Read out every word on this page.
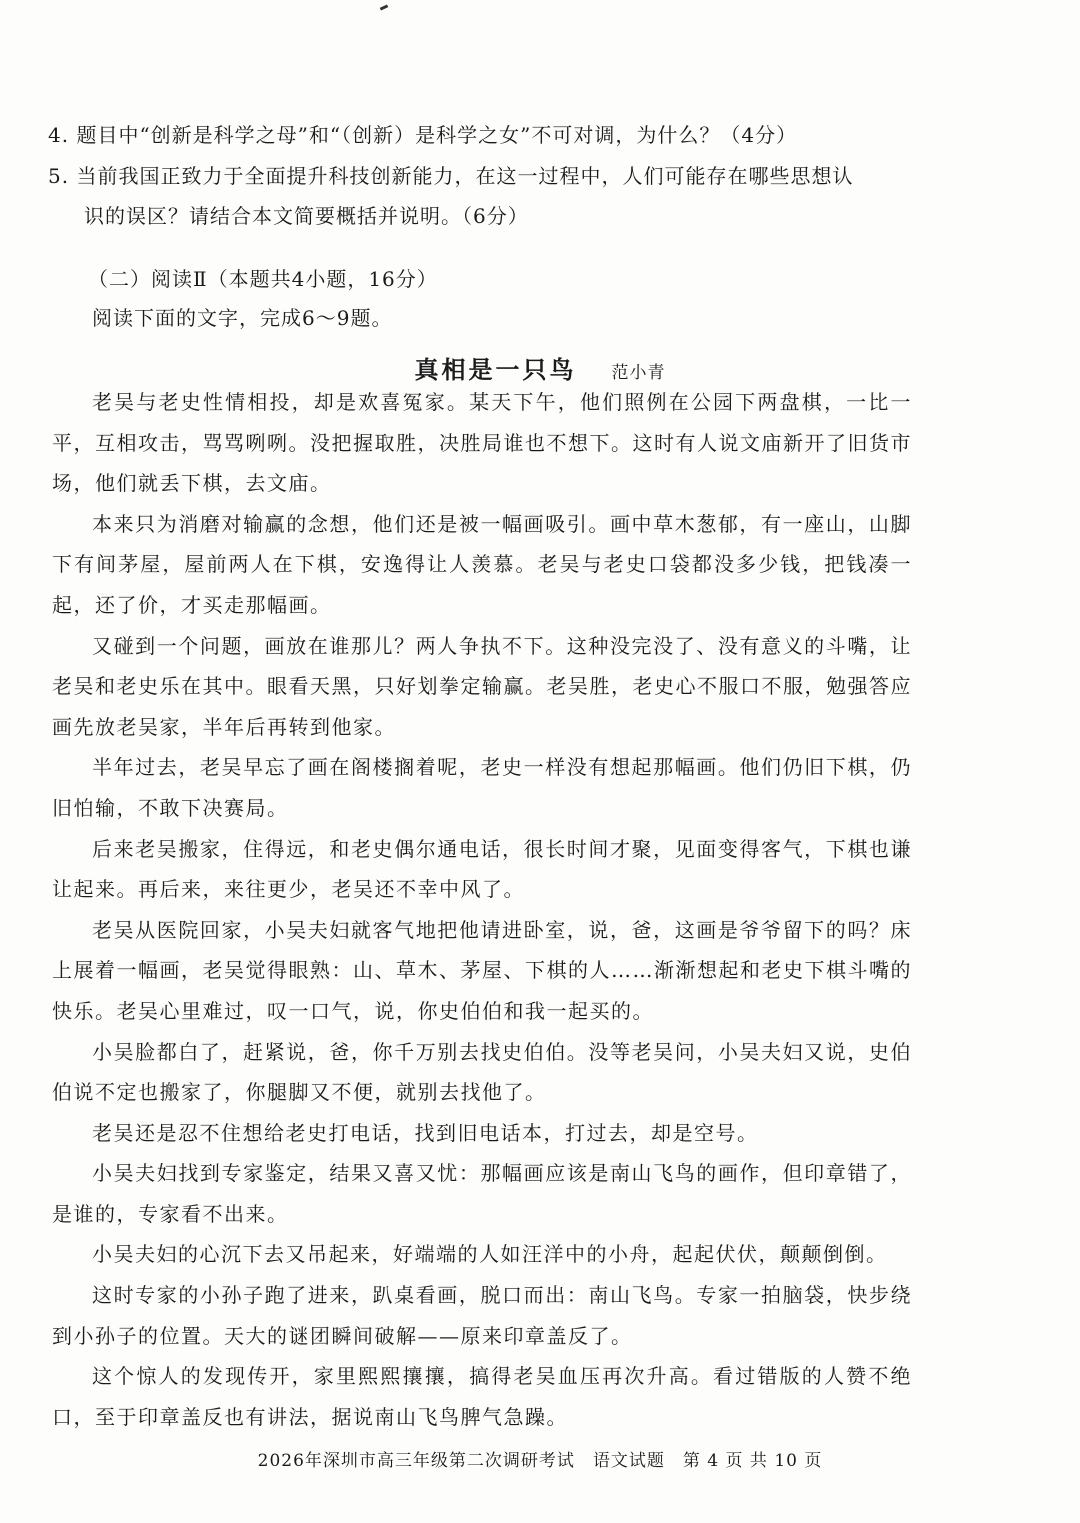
4. 题目中“创新是科学之母”和“（创新）是科学之女”不可对调，为什么？（4分）
5. 当前我国正致力于全面提升科技创新能力，在这一过程中，人们可能存在哪些思想认
识的误区？请结合本文简要概括并说明。（6分）
（二）阅读Ⅱ（本题共4小题，16分）
阅读下面的文字，完成6～9题。
真相是一只鸟 范小青

老吴与老史性情相投，却是欢喜冤家。某天下午，他们照例在公园下两盘棋，一比一平，互相攻击，骂骂咧咧。没把握取胜，决胜局谁也不想下。这时有人说文庙新开了旧货市场，他们就丢下棋，去文庙。

本来只为消磨对输赢的念想，他们还是被一幅画吸引。画中草木葱郁，有一座山，山脚下有间茅屋，屋前两人在下棋，安逸得让人羡慕。老吴与老史口袋都没多少钱，把钱凑一起，还了价，才买走那幅画。

又碰到一个问题，画放在谁那儿？两人争执不下。这种没完没了、没有意义的斗嘴，让老吴和老史乐在其中。眼看天黑，只好划拳定输赢。老吴胜，老史心不服口不服，勉强答应画先放老吴家，半年后再转到他家。

半年过去，老吴早忘了画在阁楼搁着呢，老史一样没有想起那幅画。他们仍旧下棋，仍旧怕输，不敢下决赛局。

后来老吴搬家，住得远，和老史偶尔通电话，很长时间才聚，见面变得客气，下棋也谦让起来。再后来，来往更少，老吴还不幸中风了。

老吴从医院回家，小吴夫妇就客气地把他请进卧室，说，爸，这画是爷爷留下的吗？床上展着一幅画，老吴觉得眼熟：山、草木、茅屋、下棋的人……渐渐想起和老史下棋斗嘴的快乐。老吴心里难过，叹一口气，说，你史伯伯和我一起买的。

小吴脸都白了，赶紧说，爸，你千万别去找史伯伯。没等老吴问，小吴夫妇又说，史伯伯说不定也搬家了，你腿脚又不便，就别去找他了。

老吴还是忍不住想给老史打电话，找到旧电话本，打过去，却是空号。

小吴夫妇找到专家鉴定，结果又喜又忧：那幅画应该是南山飞鸟的画作，但印章错了，是谁的，专家看不出来。

小吴夫妇的心沉下去又吊起来，好端端的人如汪洋中的小舟，起起伏伏，颠颠倒倒。

这时专家的小孙子跑了进来，趴桌看画，脱口而出：南山飞鸟。专家一拍脑袋，快步绕到小孙子的位置。天大的谜团瞬间破解——原来印章盖反了。

这个惊人的发现传开，家里熙熙攘攘，搞得老吴血压再次升高。看过错版的人赞不绝口，至于印章盖反也有讲法，据说南山飞鸟脾气急躁。

2026年深圳市高三年级第二次调研考试　语文试题　第 4 页 共 10 页
